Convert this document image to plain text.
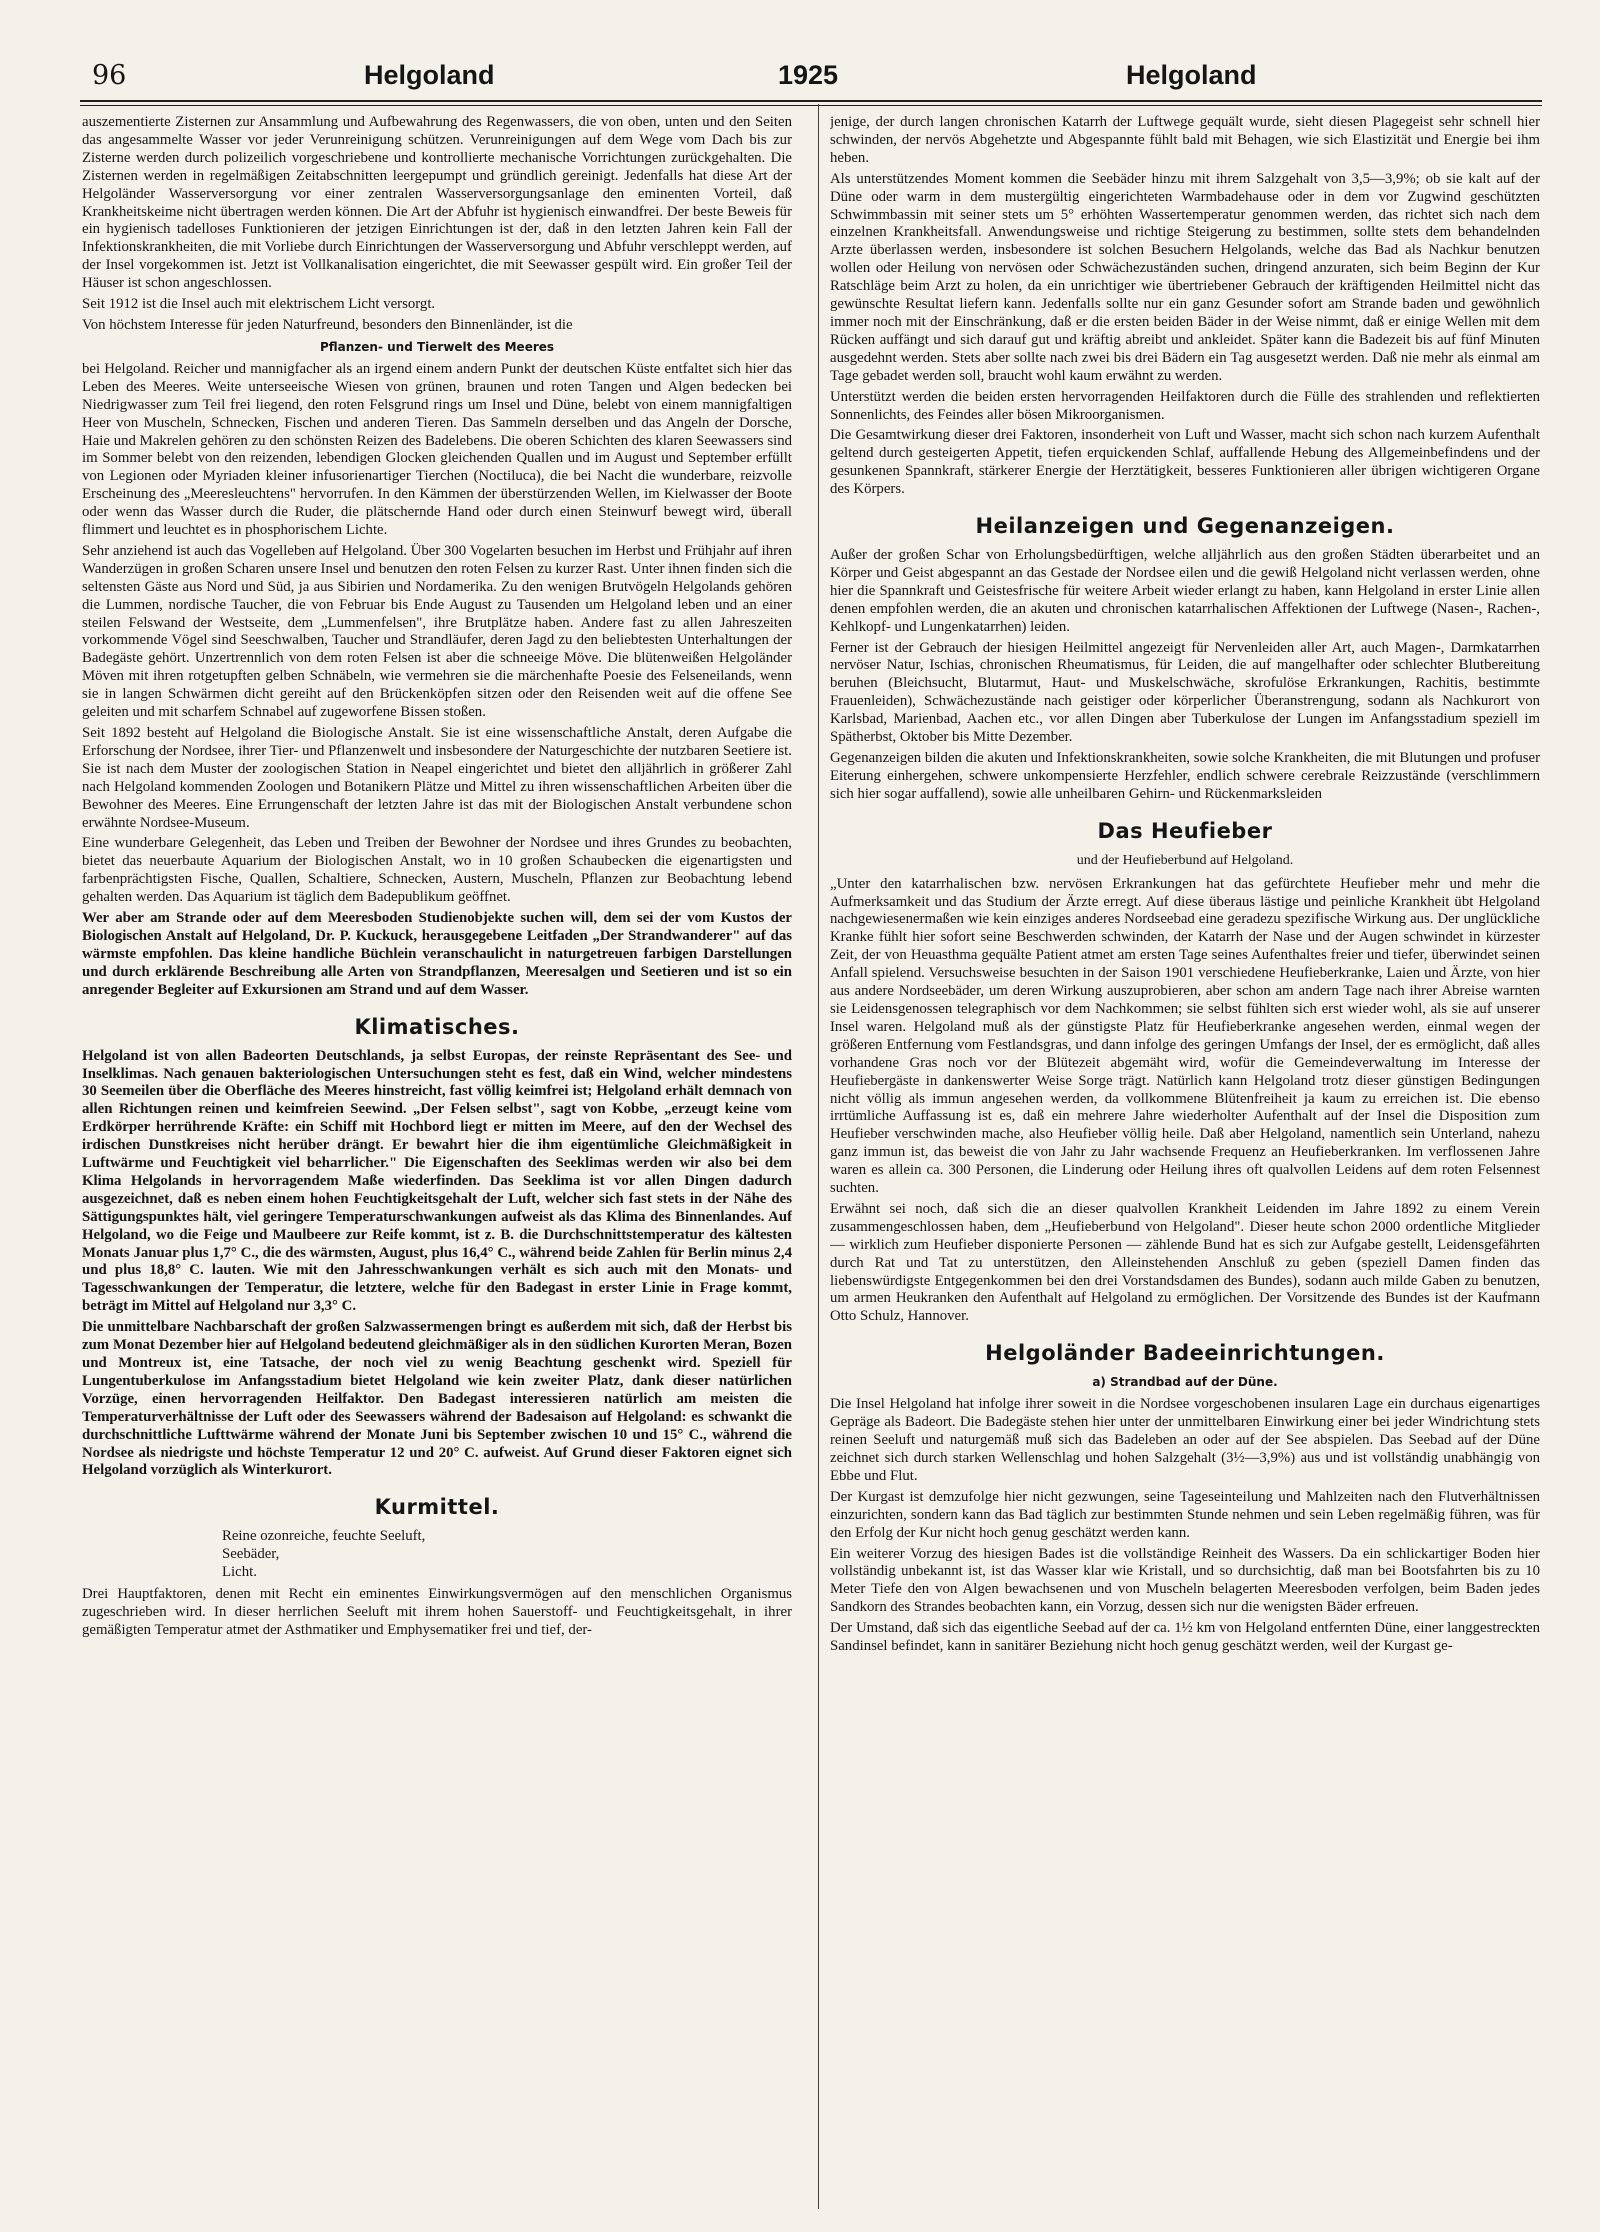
96	Helgoland	1925	Helgoland

auszementierte Zisternen zur Ansammlung und Aufbewahrung des Regenwassers, die von oben, unten und den Seiten das angesammelte Wasser vor jeder Verunreinigung schützen. Verunreinigungen auf dem Wege vom Dach bis zur Zisterne werden durch polizeilich vorgeschriebene und kontrollierte mechanische Vorrichtungen zurückgehalten. Die Zisternen werden in regelmäßigen Zeitabschnitten leergepumpt und gründlich gereinigt. Jedenfalls hat diese Art der Helgoländer Wasserversorgung vor einer zentralen Wasserversorgungsanlage den eminenten Vorteil, daß Krankheitskeime nicht übertragen werden können. Die Art der Abfuhr ist hygienisch einwandfrei. Der beste Beweis für ein hygienisch tadelloses Funktionieren der jetzigen Einrichtungen ist der, daß in den letzten Jahren kein Fall der Infektionskrankheiten, die mit Vorliebe durch Einrichtungen der Wasserversorgung und Abfuhr verschleppt werden, auf der Insel vorgekommen ist. Jetzt ist Vollkanalisation eingerichtet, die mit Seewasser gespült wird. Ein großer Teil der Häuser ist schon angeschlossen.

Seit 1912 ist die Insel auch mit elektrischem Licht versorgt.

Von höchstem Interesse für jeden Naturfreund, besonders den Binnenländer, ist die

Pflanzen- und Tierwelt des Meeres

bei Helgoland. Reicher und mannigfacher als an irgend einem andern Punkt der deutschen Küste entfaltet sich hier das Leben des Meeres. Weite unterseeische Wiesen von grünen, braunen und roten Tangen und Algen bedecken bei Niedrigwasser zum Teil frei liegend, den roten Felsgrund rings um Insel und Düne, belebt von einem mannigfaltigen Heer von Muscheln, Schnecken, Fischen und anderen Tieren. Das Sammeln derselben und das Angeln der Dorsche, Haie und Makrelen gehören zu den schönsten Reizen des Badelebens. Die oberen Schichten des klaren Seewassers sind im Sommer belebt von den reizenden, lebendigen Glocken gleichenden Quallen und im August und September erfüllt von Legionen oder Myriaden kleiner infusorienartiger Tierchen (Noctiluca), die bei Nacht die wunderbare, reizvolle Erscheinung des „Meeresleuchtens" hervorrufen. In den Kämmen der überstürzenden Wellen, im Kielwasser der Boote oder wenn das Wasser durch die Ruder, die plätschernde Hand oder durch einen Steinwurf bewegt wird, überall flimmert und leuchtet es in phosphorischem Lichte.

Sehr anziehend ist auch das Vogelleben auf Helgoland. Über 300 Vogelarten besuchen im Herbst und Frühjahr auf ihren Wanderzügen in großen Scharen unsere Insel und benutzen den roten Felsen zu kurzer Rast. Unter ihnen finden sich die seltensten Gäste aus Nord und Süd, ja aus Sibirien und Nordamerika. Zu den wenigen Brutvögeln Helgolands gehören die Lummen, nordische Taucher, die von Februar bis Ende August zu Tausenden um Helgoland leben und an einer steilen Felswand der Westseite, dem „Lummenfelsen", ihre Brutplätze haben. Andere fast zu allen Jahreszeiten vorkommende Vögel sind Seeschwalben, Taucher und Strandläufer, deren Jagd zu den beliebtesten Unterhaltungen der Badegäste gehört. Unzertrennlich von dem roten Felsen ist aber die schneeige Möve. Die blütenweißen Helgoländer Möven mit ihren rotgetupften gelben Schnäbeln, wie vermehren sie die märchenhafte Poesie des Felseneilands, wenn sie in langen Schwärmen dicht gereiht auf den Brückenköpfen sitzen oder den Reisenden weit auf die offene See geleiten und mit scharfem Schnabel auf zugeworfene Bissen stoßen.

Seit 1892 besteht auf Helgoland die Biologische Anstalt. Sie ist eine wissenschaftliche Anstalt, deren Aufgabe die Erforschung der Nordsee, ihrer Tier- und Pflanzenwelt und insbesondere der Naturgeschichte der nutzbaren Seetiere ist. Sie ist nach dem Muster der zoologischen Station in Neapel eingerichtet und bietet den alljährlich in größerer Zahl nach Helgoland kommenden Zoologen und Botanikern Plätze und Mittel zu ihren wissenschaftlichen Arbeiten über die Bewohner des Meeres. Eine Errungenschaft der letzten Jahre ist das mit der Biologischen Anstalt verbundene schon erwähnte Nordsee-Museum.

Eine wunderbare Gelegenheit, das Leben und Treiben der Bewohner der Nordsee und ihres Grundes zu beobachten, bietet das neuerbaute Aquarium der Biologischen Anstalt, wo in 10 großen Schaubecken die eigenartigsten und farbenprächtigsten Fische, Quallen, Schaltiere, Schnecken, Austern, Muscheln, Pflanzen zur Beobachtung lebend gehalten werden. Das Aquarium ist täglich dem Badepublikum geöffnet.

Wer aber am Strande oder auf dem Meeresboden Studienobjekte suchen will, dem sei der vom Kustos der Biologischen Anstalt auf Helgoland, Dr. P. Kuckuck, herausgegebene Leitfaden „Der Strandwanderer" auf das wärmste empfohlen. Das kleine handliche Büchlein veranschaulicht in naturgetreuen farbigen Darstellungen und durch erklärende Beschreibung alle Arten von Strandpflanzen, Meeresalgen und Seetieren und ist so ein anregender Begleiter auf Exkursionen am Strand und auf dem Wasser.

Klimatisches.

Helgoland ist von allen Badeorten Deutschlands, ja selbst Europas, der reinste Repräsentant des See- und Inselklimas. Nach genauen bakteriologischen Untersuchungen steht es fest, daß ein Wind, welcher mindestens 30 Seemeilen über die Oberfläche des Meeres hinstreicht, fast völlig keimfrei ist; Helgoland erhält demnach von allen Richtungen reinen und keimfreien Seewind. „Der Felsen selbst", sagt von Kobbe, „erzeugt keine vom Erdkörper herrührende Kräfte: ein Schiff mit Hochbord liegt er mitten im Meere, auf den der Wechsel des irdischen Dunstkreises nicht herüber drängt. Er bewahrt hier die ihm eigentümliche Gleichmäßigkeit in Luftwärme und Feuchtigkeit viel beharrlicher." Die Eigenschaften des Seeklimas werden wir also bei dem Klima Helgolands in hervorragendem Maße wiederfinden. Das Seeklima ist vor allen Dingen dadurch ausgezeichnet, daß es neben einem hohen Feuchtigkeitsgehalt der Luft, welcher sich fast stets in der Nähe des Sättigungspunktes hält, viel geringere Temperaturschwankungen aufweist als das Klima des Binnenlandes. Auf Helgoland, wo die Feige und Maulbeere zur Reife kommt, ist z. B. die Durchschnittstemperatur des kältesten Monats Januar plus 1,7° C., die des wärmsten, August, plus 16,4° C., während beide Zahlen für Berlin minus 2,4 und plus 18,8° C. lauten. Wie mit den Jahresschwankungen verhält es sich auch mit den Monats- und Tagesschwankungen der Temperatur, die letztere, welche für den Badegast in erster Linie in Frage kommt, beträgt im Mittel auf Helgoland nur 3,3° C.

Die unmittelbare Nachbarschaft der großen Salzwassermengen bringt es außerdem mit sich, daß der Herbst bis zum Monat Dezember hier auf Helgoland bedeutend gleichmäßiger als in den südlichen Kurorten Meran, Bozen und Montreux ist, eine Tatsache, der noch viel zu wenig Beachtung geschenkt wird. Speziell für Lungentuberkulose im Anfangsstadium bietet Helgoland wie kein zweiter Platz, dank dieser natürlichen Vorzüge, einen hervorragenden Heilfaktor. Den Badegast interessieren natürlich am meisten die Temperaturverhältnisse der Luft oder des Seewassers während der Badesaison auf Helgoland: es schwankt die durchschnittliche Lufttwärme während der Monate Juni bis September zwischen 10 und 15° C., während die Nordsee als niedrigste und höchste Temperatur 12 und 20° C. aufweist. Auf Grund dieser Faktoren eignet sich Helgoland vorzüglich als Winterkurort.

Kurmittel.

Reine ozonreiche, feuchte Seeluft,

Seebäder,

Licht.

Drei Hauptfaktoren, denen mit Recht ein eminentes Einwirkungsvermögen auf den menschlichen Organismus zugeschrieben wird. In dieser herrlichen Seeluft mit ihrem hohen Sauerstoff- und Feuchtigkeitsgehalt, in ihrer gemäßigten Temperatur atmet der Asthmatiker und Emphysematiker frei und tief, der-

jenige, der durch langen chronischen Katarrh der Luftwege gequält wurde, sieht diesen Plagegeist sehr schnell hier schwinden, der nervös Abgehetzte und Abgespannte fühlt bald mit Behagen, wie sich Elastizität und Energie bei ihm heben.

Als unterstützendes Moment kommen die Seebäder hinzu mit ihrem Salzgehalt von 3,5—3,9%; ob sie kalt auf der Düne oder warm in dem mustergültig eingerichteten Warmbadehause oder in dem vor Zugwind geschützten Schwimmbassin mit seiner stets um 5° erhöhten Wassertemperatur genommen werden, das richtet sich nach dem einzelnen Krankheitsfall. Anwendungsweise und richtige Steigerung zu bestimmen, sollte stets dem behandelnden Arzte überlassen werden, insbesondere ist solchen Besuchern Helgolands, welche das Bad als Nachkur benutzen wollen oder Heilung von nervösen oder Schwächezuständen suchen, dringend anzuraten, sich beim Beginn der Kur Ratschläge beim Arzt zu holen, da ein unrichtiger wie übertriebener Gebrauch der kräftigenden Heilmittel nicht das gewünschte Resultat liefern kann. Jedenfalls sollte nur ein ganz Gesunder sofort am Strande baden und gewöhnlich immer noch mit der Einschränkung, daß er die ersten beiden Bäder in der Weise nimmt, daß er einige Wellen mit dem Rücken auffängt und sich darauf gut und kräftig abreibt und ankleidet. Später kann die Badezeit bis auf fünf Minuten ausgedehnt werden. Stets aber sollte nach zwei bis drei Bädern ein Tag ausgesetzt werden. Daß nie mehr als einmal am Tage gebadet werden soll, braucht wohl kaum erwähnt zu werden.

Unterstützt werden die beiden ersten hervorragenden Heilfaktoren durch die Fülle des strahlenden und reflektierten Sonnenlichts, des Feindes aller bösen Mikroorganismen.

Die Gesamtwirkung dieser drei Faktoren, insonderheit von Luft und Wasser, macht sich schon nach kurzem Aufenthalt geltend durch gesteigerten Appetit, tiefen erquickenden Schlaf, auffallende Hebung des Allgemeinbefindens und der gesunkenen Spannkraft, stärkerer Energie der Herztätigkeit, besseres Funktionieren aller übrigen wichtigeren Organe des Körpers.

Heilanzeigen und Gegenanzeigen.

Außer der großen Schar von Erholungsbedürftigen, welche alljährlich aus den großen Städten überarbeitet und an Körper und Geist abgespannt an das Gestade der Nordsee eilen und die gewiß Helgoland nicht verlassen werden, ohne hier die Spannkraft und Geistesfrische für weitere Arbeit wieder erlangt zu haben, kann Helgoland in erster Linie allen denen empfohlen werden, die an akuten und chronischen katarrhalischen Affektionen der Luftwege (Nasen-, Rachen-, Kehlkopf- und Lungenkatarrhen) leiden.

Ferner ist der Gebrauch der hiesigen Heilmittel angezeigt für Nervenleiden aller Art, auch Magen-, Darmkatarrhen nervöser Natur, Ischias, chronischen Rheumatismus, für Leiden, die auf mangelhafter oder schlechter Blutbereitung beruhen (Bleichsucht, Blutarmut, Haut- und Muskelschwäche, skrofulöse Erkrankungen, Rachitis, bestimmte Frauenleiden), Schwächezustände nach geistiger oder körperlicher Überanstrengung, sodann als Nachkurort von Karlsbad, Marienbad, Aachen etc., vor allen Dingen aber Tuberkulose der Lungen im Anfangsstadium speziell im Spätherbst, Oktober bis Mitte Dezember.

Gegenanzeigen bilden die akuten und Infektionskrankheiten, sowie solche Krankheiten, die mit Blutungen und profuser Eiterung einhergehen, schwere unkompensierte Herzfehler, endlich schwere cerebrale Reizzustände (verschlimmern sich hier sogar auffallend), sowie alle unheilbaren Gehirn- und Rückenmarksleiden

Das Heufieber
und der Heufieberbund auf Helgoland.

„Unter den katarrhalischen bzw. nervösen Erkrankungen hat das gefürchtete Heufieber mehr und mehr die Aufmerksamkeit und das Studium der Ärzte erregt. Auf diese überaus lästige und peinliche Krankheit übt Helgoland nachgewiesenermaßen wie kein einziges anderes Nordseebad eine geradezu spezifische Wirkung aus. Der unglückliche Kranke fühlt hier sofort seine Beschwerden schwinden, der Katarrh der Nase und der Augen schwindet in kürzester Zeit, der von Heuasthma gequälte Patient atmet am ersten Tage seines Aufenthaltes freier und tiefer, überwindet seinen Anfall spielend. Versuchsweise besuchten in der Saison 1901 verschiedene Heufieberkranke, Laien und Ärzte, von hier aus andere Nordseebäder, um deren Wirkung auszuprobieren, aber schon am andern Tage nach ihrer Abreise warnten sie Leidensgenossen telegraphisch vor dem Nachkommen; sie selbst fühlten sich erst wieder wohl, als sie auf unserer Insel waren. Helgoland muß als der günstigste Platz für Heufieberkranke angesehen werden, einmal wegen der größeren Entfernung vom Festlandsgras, und dann infolge des geringen Umfangs der Insel, der es ermöglicht, daß alles vorhandene Gras noch vor der Blütezeit abgemäht wird, wofür die Gemeindeverwaltung im Interesse der Heufiebergäste in dankenswerter Weise Sorge trägt. Natürlich kann Helgoland trotz dieser günstigen Bedingungen nicht völlig als immun angesehen werden, da vollkommene Blütenfreiheit ja kaum zu erreichen ist. Die ebenso irrtümliche Auffassung ist es, daß ein mehrere Jahre wiederholter Aufenthalt auf der Insel die Disposition zum Heufieber verschwinden mache, also Heufieber völlig heile. Daß aber Helgoland, namentlich sein Unterland, nahezu ganz immun ist, das beweist die von Jahr zu Jahr wachsende Frequenz an Heufieberkranken. Im verflossenen Jahre waren es allein ca. 300 Personen, die Linderung oder Heilung ihres oft qualvollen Leidens auf dem roten Felsennest suchten.

Erwähnt sei noch, daß sich die an dieser qualvollen Krankheit Leidenden im Jahre 1892 zu einem Verein zusammengeschlossen haben, dem „Heufieberbund von Helgoland". Dieser heute schon 2000 ordentliche Mitglieder — wirklich zum Heufieber disponierte Personen — zählende Bund hat es sich zur Aufgabe gestellt, Leidensgefährten durch Rat und Tat zu unterstützen, den Alleinstehenden Anschluß zu geben (speziell Damen finden das liebenswürdigste Entgegenkommen bei den drei Vorstandsdamen des Bundes), sodann auch milde Gaben zu benutzen, um armen Heukranken den Aufenthalt auf Helgoland zu ermöglichen. Der Vorsitzende des Bundes ist der Kaufmann Otto Schulz, Hannover.

Helgoländer Badeeinrichtungen.
a) Strandbad auf der Düne.

Die Insel Helgoland hat infolge ihrer soweit in die Nordsee vorgeschobenen insularen Lage ein durchaus eigenartiges Gepräge als Badeort. Die Badegäste stehen hier unter der unmittelbaren Einwirkung einer bei jeder Windrichtung stets reinen Seeluft und naturgemäß muß sich das Badeleben an oder auf der See abspielen. Das Seebad auf der Düne zeichnet sich durch starken Wellenschlag und hohen Salzgehalt (3½—3,9%) aus und ist vollständig unabhängig von Ebbe und Flut.

Der Kurgast ist demzufolge hier nicht gezwungen, seine Tageseinteilung und Mahlzeiten nach den Flutverhältnissen einzurichten, sondern kann das Bad täglich zur bestimmten Stunde nehmen und sein Leben regelmäßig führen, was für den Erfolg der Kur nicht hoch genug geschätzt werden kann.

Ein weiterer Vorzug des hiesigen Bades ist die vollständige Reinheit des Wassers. Da ein schlickartiger Boden hier vollständig unbekannt ist, ist das Wasser klar wie Kristall, und so durchsichtig, daß man bei Bootsfahrten bis zu 10 Meter Tiefe den von Algen bewachsenen und von Muscheln belagerten Meeresboden verfolgen, beim Baden jedes Sandkorn des Strandes beobachten kann, ein Vorzug, dessen sich nur die wenigsten Bäder erfreuen.

Der Umstand, daß sich das eigentliche Seebad auf der ca. 1½ km von Helgoland entfernten Düne, einer langgestreckten Sandinsel befindet, kann in sanitärer Beziehung nicht hoch genug geschätzt werden, weil der Kurgast ge-
